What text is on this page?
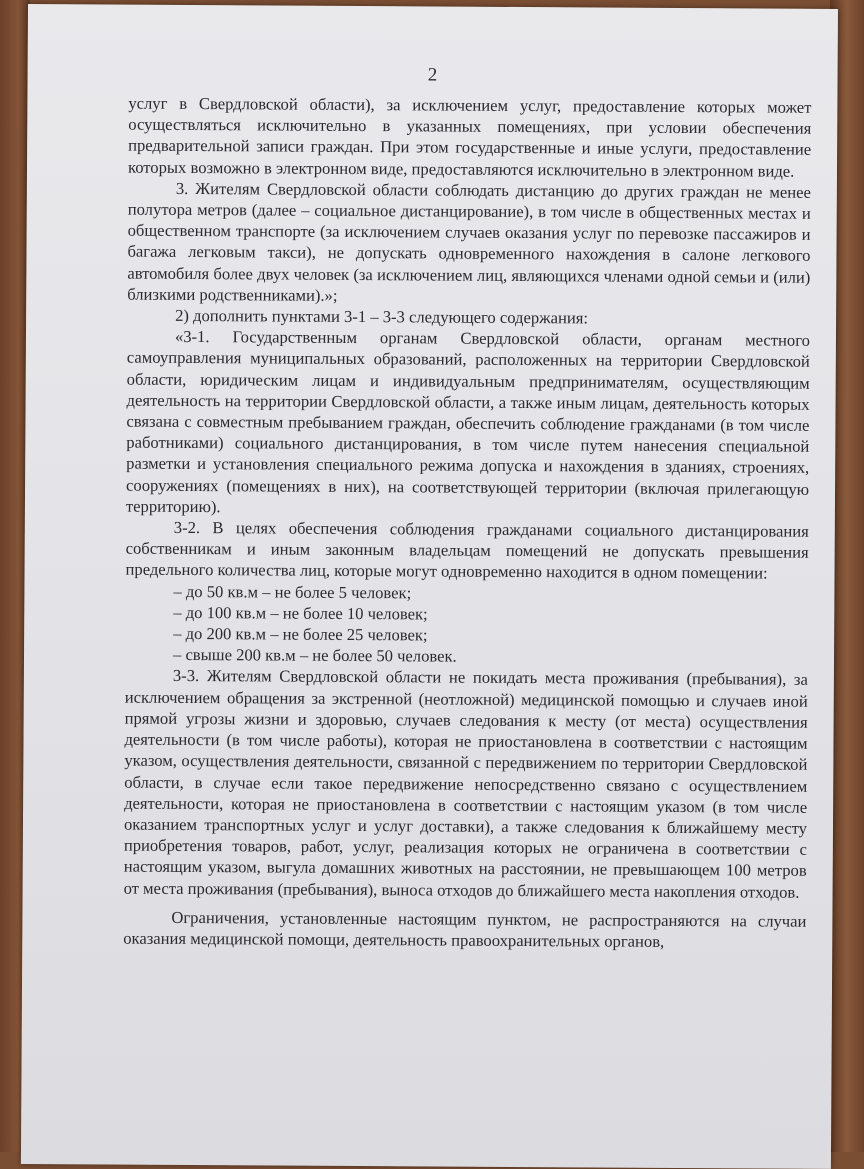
2

услуг в Свердловской области), за исключением услуг, предоставление которых может осуществляться исключительно в указанных помещениях, при условии обеспечения предварительной записи граждан. При этом государственные и иные услуги, предоставление которых возможно в электронном виде, предоставляются исключительно в электронном виде.

3. Жителям Свердловской области соблюдать дистанцию до других граждан не менее полутора метров (далее – социальное дистанцирование), в том числе в общественных местах и общественном транспорте (за исключением случаев оказания услуг по перевозке пассажиров и багажа легковым такси), не допускать одновременного нахождения в салоне легкового автомобиля более двух человек (за исключением лиц, являющихся членами одной семьи и (или) близкими родственниками).»;

2) дополнить пунктами 3-1 – 3-3 следующего содержания:

«3-1. Государственным органам Свердловской области, органам местного самоуправления муниципальных образований, расположенных на территории Свердловской области, юридическим лицам и индивидуальным предпринимателям, осуществляющим деятельность на территории Свердловской области, а также иным лицам, деятельность которых связана с совместным пребыванием граждан, обеспечить соблюдение гражданами (в том числе работниками) социального дистанцирования, в том числе путем нанесения специальной разметки и установления специального режима допуска и нахождения в зданиях, строениях, сооружениях (помещениях в них), на соответствующей территории (включая прилегающую территорию).

3-2. В целях обеспечения соблюдения гражданами социального дистанцирования собственникам и иным законным владельцам помещений не допускать превышения предельного количества лиц, которые могут одновременно находится в одном помещении:

– до 50 кв.м – не более 5 человек;

– до 100 кв.м – не более 10 человек;

– до 200 кв.м – не более 25 человек;

– свыше 200 кв.м – не более 50 человек.

3-3. Жителям Свердловской области не покидать места проживания (пребывания), за исключением обращения за экстренной (неотложной) медицинской помощью и случаев иной прямой угрозы жизни и здоровью, случаев следования к месту (от места) осуществления деятельности (в том числе работы), которая не приостановлена в соответствии с настоящим указом, осуществления деятельности, связанной с передвижением по территории Свердловской области, в случае если такое передвижение непосредственно связано с осуществлением деятельности, которая не приостановлена в соответствии с настоящим указом (в том числе оказанием транспортных услуг и услуг доставки), а также следования к ближайшему месту приобретения товаров, работ, услуг, реализация которых не ограничена в соответствии с настоящим указом, выгула домашних животных на расстоянии, не превышающем 100 метров от места проживания (пребывания), выноса отходов до ближайшего места накопления отходов.

Ограничения, установленные настоящим пунктом, не распространяются на случаи оказания медицинской помощи, деятельность правоохранительных органов,
